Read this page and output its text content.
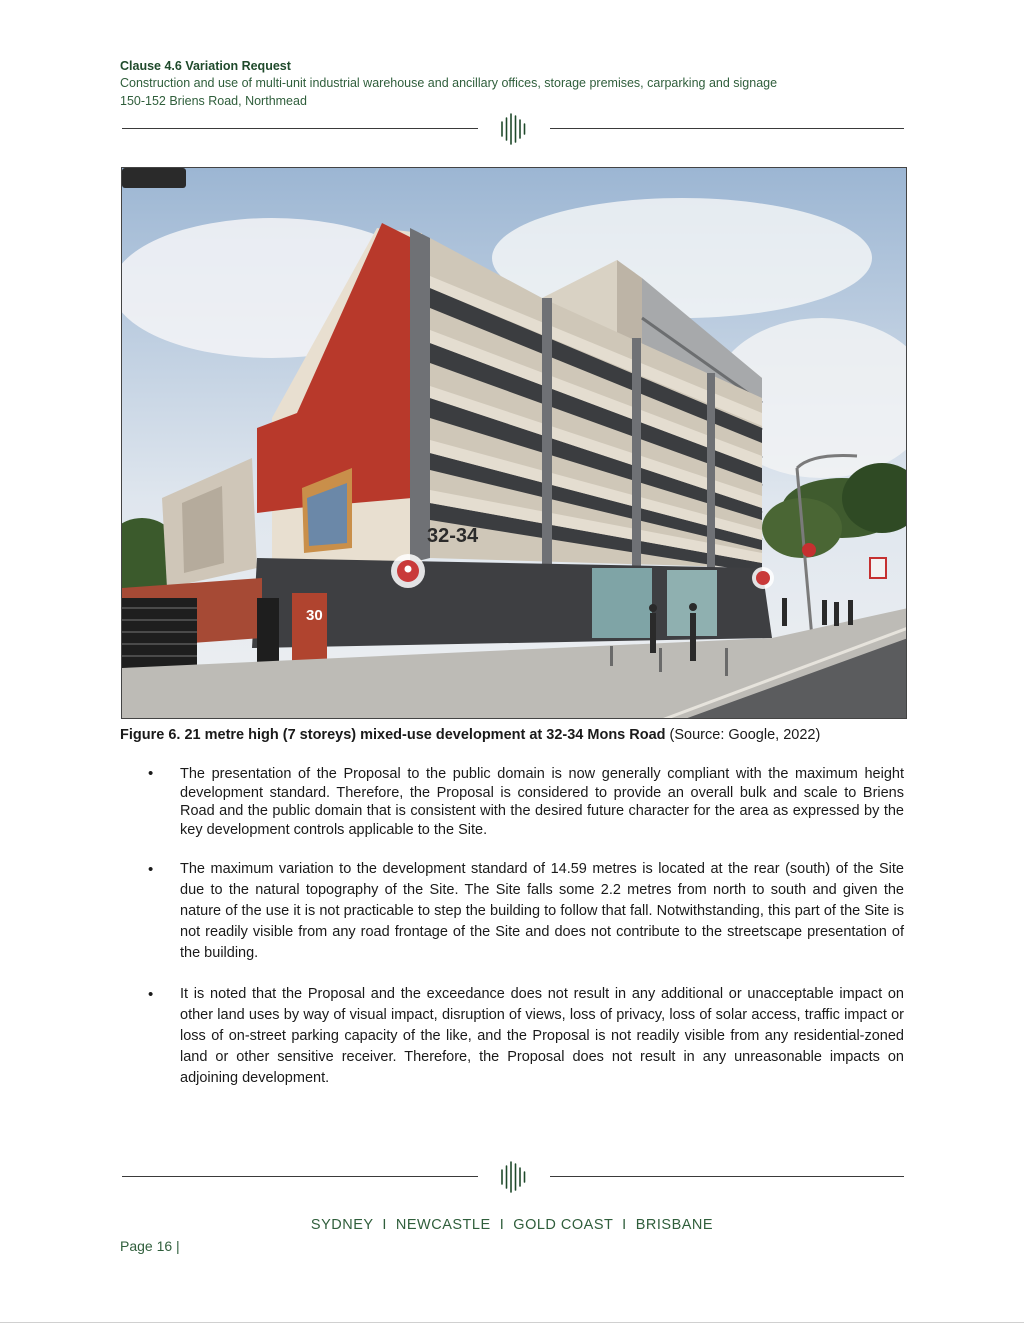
Clause 4.6 Variation Request
Construction and use of multi-unit industrial warehouse and ancillary offices, storage premises, carparking and signage
150-152 Briens Road, Northmead
32-34
30
Figure 6. 21 metre high (7 storeys) mixed-use development at 32-34 Mons Road (Source: Google, 2022)
• The presentation of the Proposal to the public domain is now generally compliant with the maximum height development standard. Therefore, the Proposal is considered to provide an overall bulk and scale to Briens Road and the public domain that is consistent with the desired future character for the area as expressed by the key development controls applicable to the Site.
• The maximum variation to the development standard of 14.59 metres is located at the rear (south) of the Site due to the natural topography of the Site. The Site falls some 2.2 metres from north to south and given the nature of the use it is not practicable to step the building to follow that fall. Notwithstanding, this part of the Site is not readily visible from any road frontage of the Site and does not contribute to the streetscape presentation of the building.
• It is noted that the Proposal and the exceedance does not result in any additional or unacceptable impact on other land uses by way of visual impact, disruption of views, loss of privacy, loss of solar access, traffic impact or loss of on-street parking capacity of the like, and the Proposal is not readily visible from any residential-zoned land or other sensitive receiver. Therefore, the Proposal does not result in any unreasonable impacts on adjoining development.
SYDNEY  I  NEWCASTLE  I  GOLD COAST  I  BRISBANE
Page 16 |
